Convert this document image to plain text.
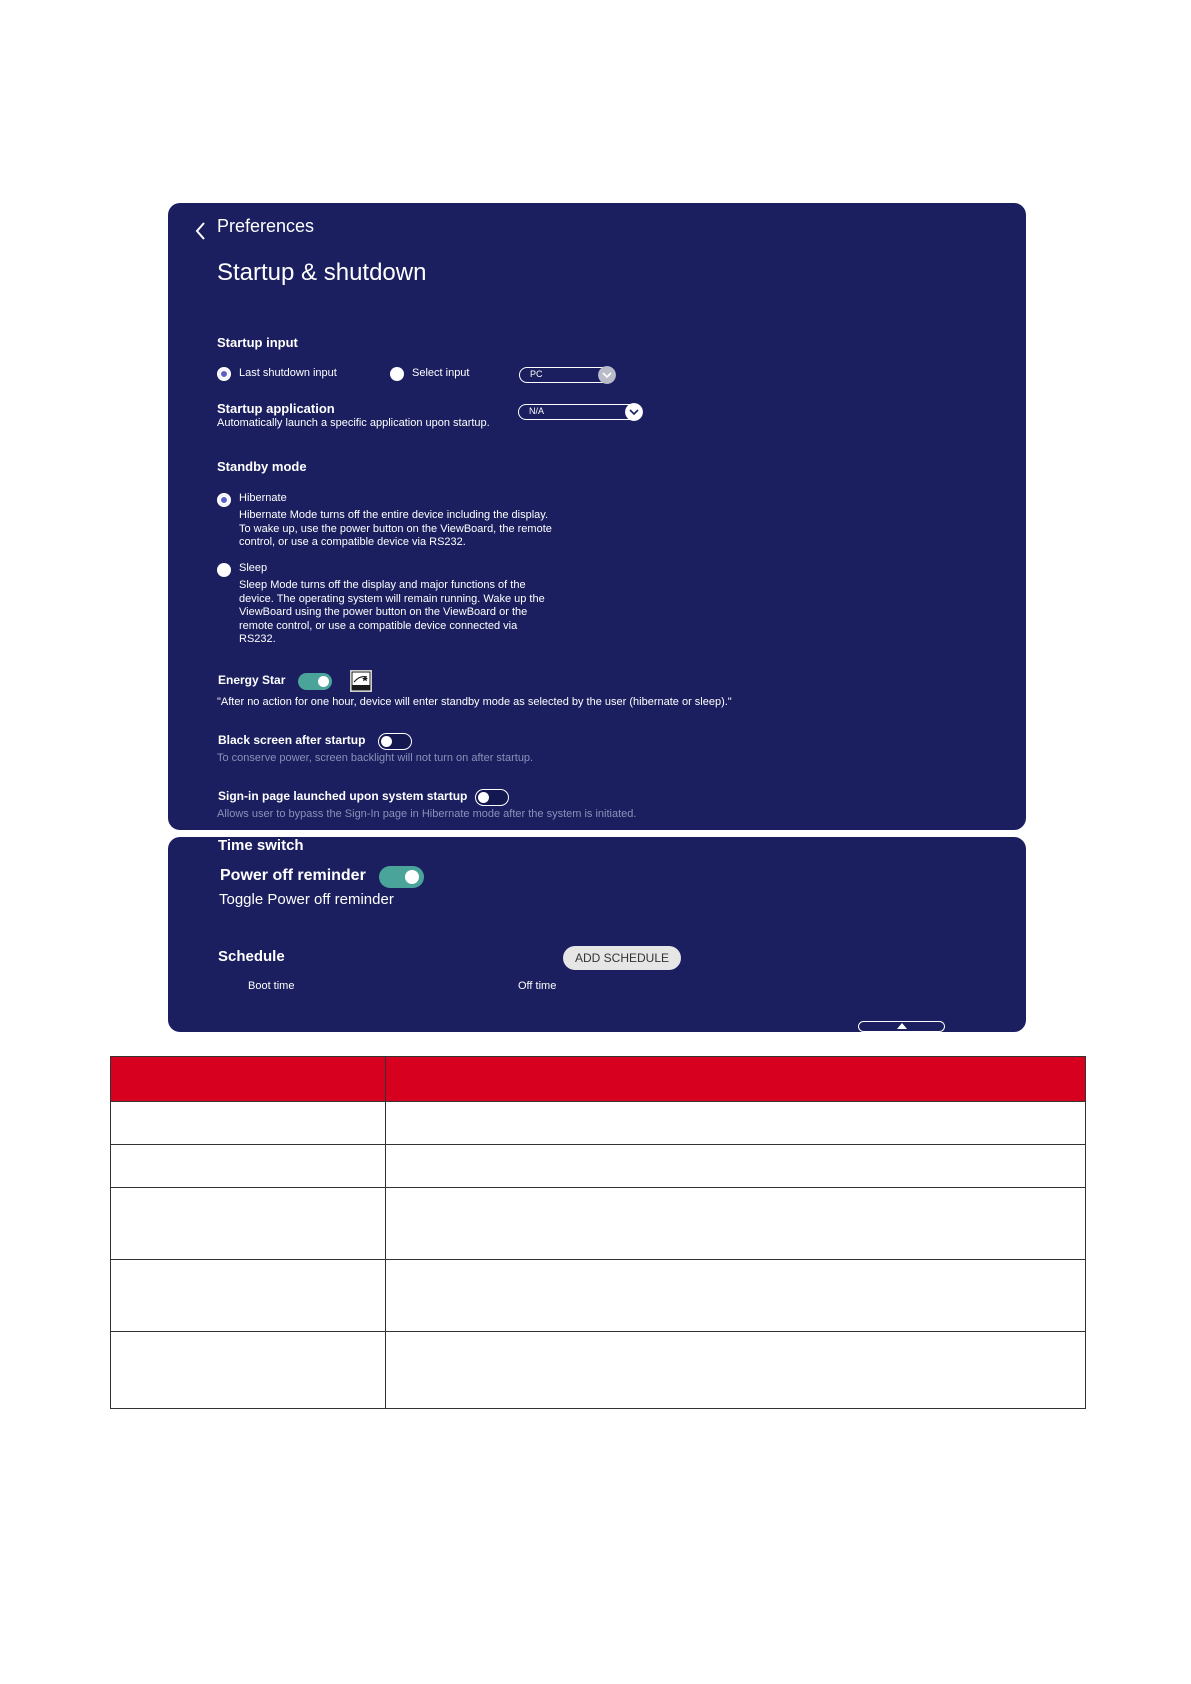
Preferences
Startup & shutdown
Startup input
Last shutdown input	Select input	PC
Startup application
Automatically launch a specific application upon startup.
N/A
Standby mode
Hibernate
Hibernate Mode turns off the entire device including the display. To wake up, use the power button on the ViewBoard, the remote control, or use a compatible device via RS232.
Sleep
Sleep Mode turns off the display and major functions of the device. The operating system will remain running. Wake up the ViewBoard using the power button on the ViewBoard or the remote control, or use a compatible device connected via RS232.
Energy Star
"After no action for one hour, device will enter standby mode as selected by the user (hibernate or sleep)."
Black screen after startup
To conserve power, screen backlight will not turn on after startup.
Sign-in page launched upon system startup
Allows user to bypass the Sign-In page in Hibernate mode after the system is initiated.
Time switch
Power off reminder
Toggle Power off reminder
Schedule	ADD SCHEDULE
Boot time	Off time
